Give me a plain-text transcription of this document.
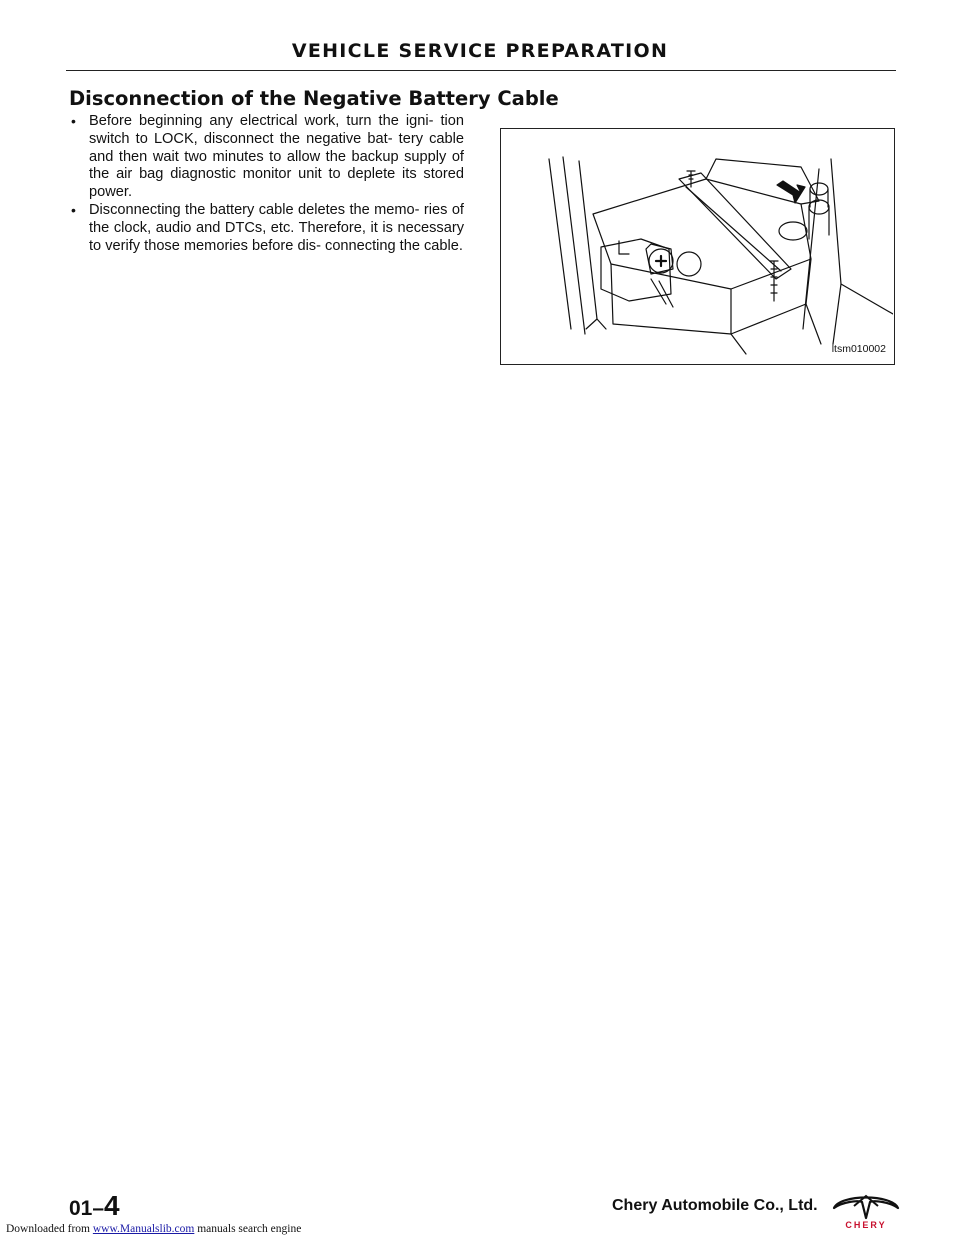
VEHICLE SERVICE PREPARATION
Disconnection of the Negative Battery Cable
• Before beginning any electrical work, turn the igni- tion switch to LOCK, disconnect the negative bat- tery cable and then wait two minutes to allow the backup supply of the air bag diagnostic monitor unit to deplete its stored power.
• Disconnecting the battery cable deletes the memo- ries of the clock, audio and DTCs, etc. Therefore, it is necessary to verify those memories before dis- connecting the cable.
ltsm010002
01–4	Chery Automobile Co., Ltd.
CHERY
Downloaded from www.Manualslib.com manuals search engine
